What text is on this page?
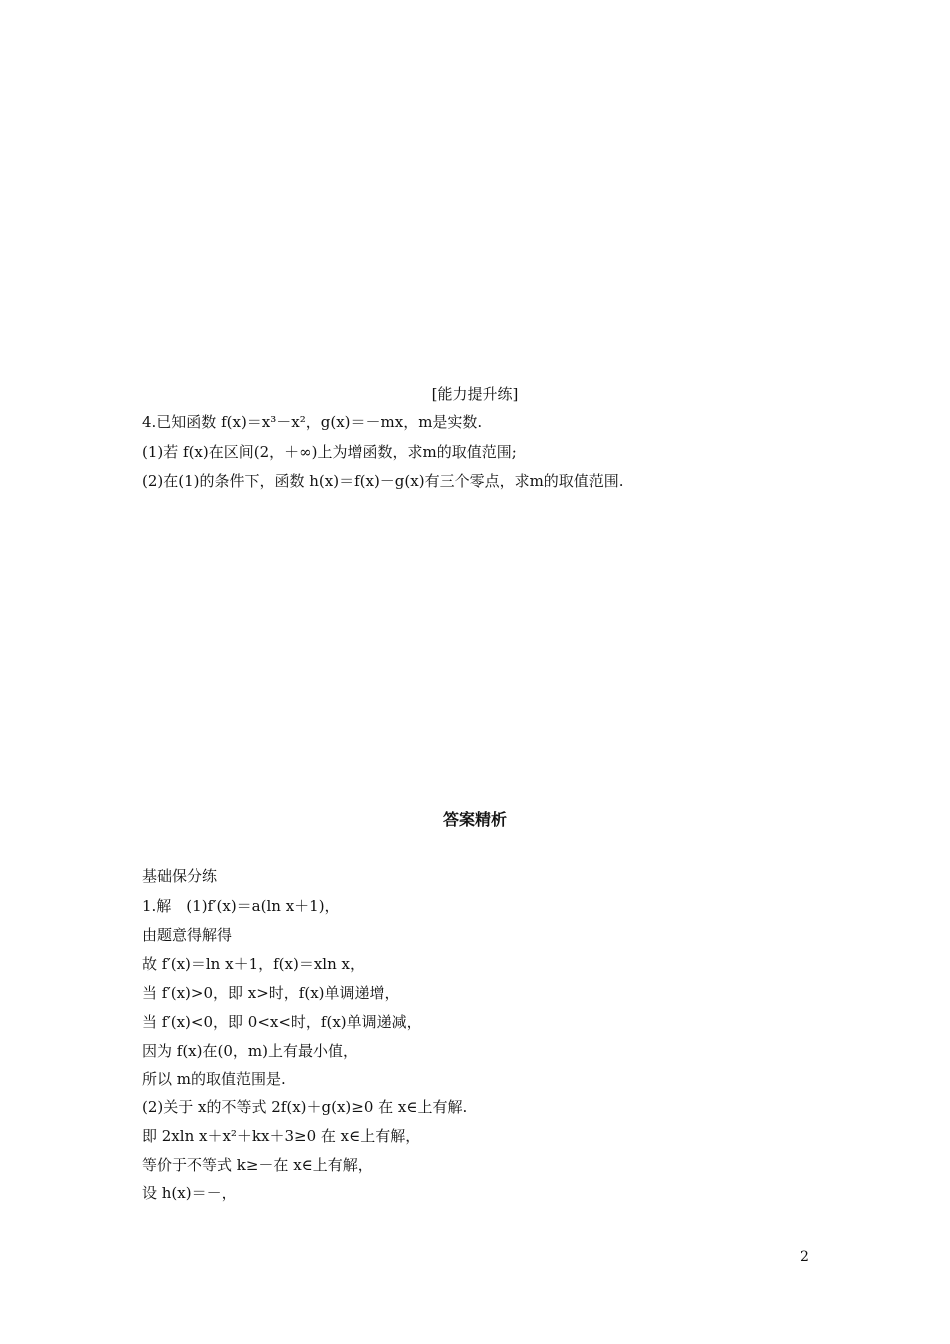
[能力提升练]
4.已知函数 f(x)＝x³－x²，g(x)＝－mx，m是实数.
(1)若 f(x)在区间(2，＋∞)上为增函数，求m的取值范围;
(2)在(1)的条件下，函数 h(x)＝f(x)－g(x)有三个零点，求m的取值范围.
答案精析
基础保分练
1.解　(1)f′(x)＝a(ln x＋1)，
由题意得解得
故 f′(x)＝ln x＋1，f(x)＝xln x，
当 f′(x)>0，即 x>时，f(x)单调递增，
当 f′(x)<0，即 0<x<时，f(x)单调递减，
因为 f(x)在(0，m)上有最小值，
所以 m的取值范围是.
(2)关于 x的不等式 2f(x)＋g(x)≥0 在 x∈上有解.
即 2xln x＋x²＋kx＋3≥0 在 x∈上有解，
等价于不等式 k≥－在 x∈上有解，
设 h(x)＝－，
2
